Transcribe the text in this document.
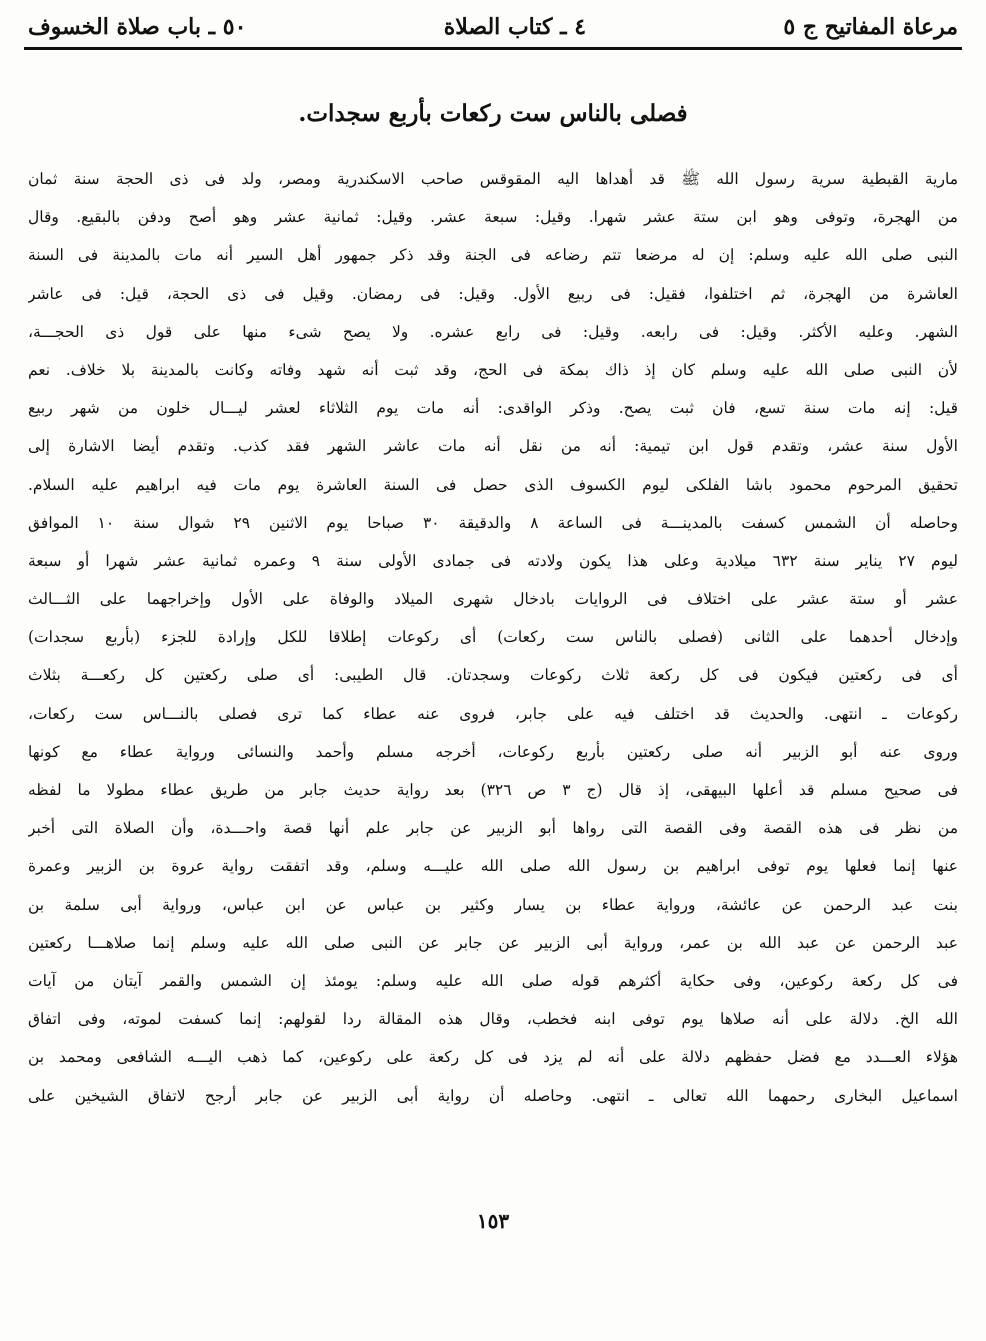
مرعاة المفاتيح ج ٥
٤ ـ كتاب الصلاة
٥٠ ـ باب صلاة الخسوف
فصلى بالناس ست ركعات بأربع سجدات.
مارية القبطية سرية رسول الله ﷺ قد أهداها اليه المقوقس صاحب الاسكندرية ومصر، ولد فى ذى الحجة سنة ثمان
من الهجرة، وتوفى وهو ابن ستة عشر شهرا. وقيل: سبعة عشر. وقيل: ثمانية عشر وهو أصح ودفن بالبقيع. وقال
النبى صلى الله عليه وسلم: إن له مرضعا تتم رضاعه فى الجنة وقد ذكر جمهور أهل السير أنه مات بالمدينة فى السنة
العاشرة من الهجرة، ثم اختلفوا، فقيل: فى ربيع الأول. وقيل: فى رمضان. وقيل فى ذى الحجة، قيل: فى عاشر
الشهر. وعليه الأكثر. وقيل: فى رابعه. وقيل: فى رابع عشره. ولا يصح شىء منها على قول ذى الحجـــة،
لأن النبى صلى الله عليه وسلم كان إذ ذاك بمكة فى الحج، وقد ثبت أنه شهد وفاته وكانت بالمدينة بلا خلاف. نعم
قيل: إنه مات سنة تسع، فان ثبت يصح. وذكر الواقدى: أنه مات يوم الثلاثاء لعشر ليـــال خلون من شهر ربيع
الأول سنة عشر، وتقدم قول ابن تيمية: أنه من نقل أنه مات عاشر الشهر فقد كذب. وتقدم أيضا الاشارة إلى
تحقيق المرحوم محمود باشا الفلكى ليوم الكسوف الذى حصل فى السنة العاشرة يوم مات فيه ابراهيم عليه السلام.
وحاصله أن الشمس كسفت بالمدينـــة فى الساعة ٨ والدقيقة ٣٠ صباحا يوم الاثنين ٢٩ شوال سنة ١٠ الموافق
ليوم ٢٧ يناير سنة ٦٣٢ ميلادية وعلى هذا يكون ولادته فى جمادى الأولى سنة ٩ وعمره ثمانية عشر شهرا أو سبعة
عشر أو ستة عشر على اختلاف فى الروايات بادخال شهرى الميلاد والوفاة على الأول وإخراجهما على الثـــالث
وإدخال أحدهما على الثانى (فصلى بالناس ست ركعات) أى ركوعات إطلاقا للكل وإرادة للجزء (بأربع سجدات)
أى فى ركعتين فيكون فى كل ركعة ثلاث ركوعات وسجدتان. قال الطيبى: أى صلى ركعتين كل ركعـــة بثلاث
ركوعات ـ انتهى. والحديث قد اختلف فيه على جابر، فروى عنه عطاء كما ترى فصلى بالنـــاس ست ركعات،
وروى عنه أبو الزبير أنه صلى ركعتين بأربع ركوعات، أخرجه مسلم وأحمد والنسائى ورواية عطاء مع كونها
فى صحيح مسلم قد أعلها البيهقى، إذ قال (ج ٣ ص ٣٢٦) بعد رواية حديث جابر من طريق عطاء مطولا ما لفظه
من نظر فى هذه القصة وفى القصة التى رواها أبو الزبير عن جابر علم أنها قصة واحـــدة، وأن الصلاة التى أخبر
عنها إنما فعلها يوم توفى ابراهيم بن رسول الله صلى الله عليـــه وسلم، وقد اتفقت رواية عروة بن الزبير وعمرة
بنت عبد الرحمن عن عائشة، ورواية عطاء بن يسار وكثير بن عباس عن ابن عباس، ورواية أبى سلمة بن
عبد الرحمن عن عبد الله بن عمر، ورواية أبى الزبير عن جابر عن النبى صلى الله عليه وسلم إنما صلاهـــا ركعتين
فى كل ركعة ركوعين، وفى حكاية أكثرهم قوله صلى الله عليه وسلم: يومئذ إن الشمس والقمر آيتان من آيات
الله الخ. دلالة على أنه صلاها يوم توفى ابنه فخطب، وقال هذه المقالة ردا لقولهم: إنما كسفت لموته، وفى اتفاق
هؤلاء العـــدد مع فضل حفظهم دلالة على أنه لم يزد فى كل ركعة على ركوعين، كما ذهب اليـــه الشافعى ومحمد بن
اسماعيل البخارى رحمهما الله تعالى ـ انتهى. وحاصله أن رواية أبى الزبير عن جابر أرجح لاتفاق الشيخين على
١٥٣
